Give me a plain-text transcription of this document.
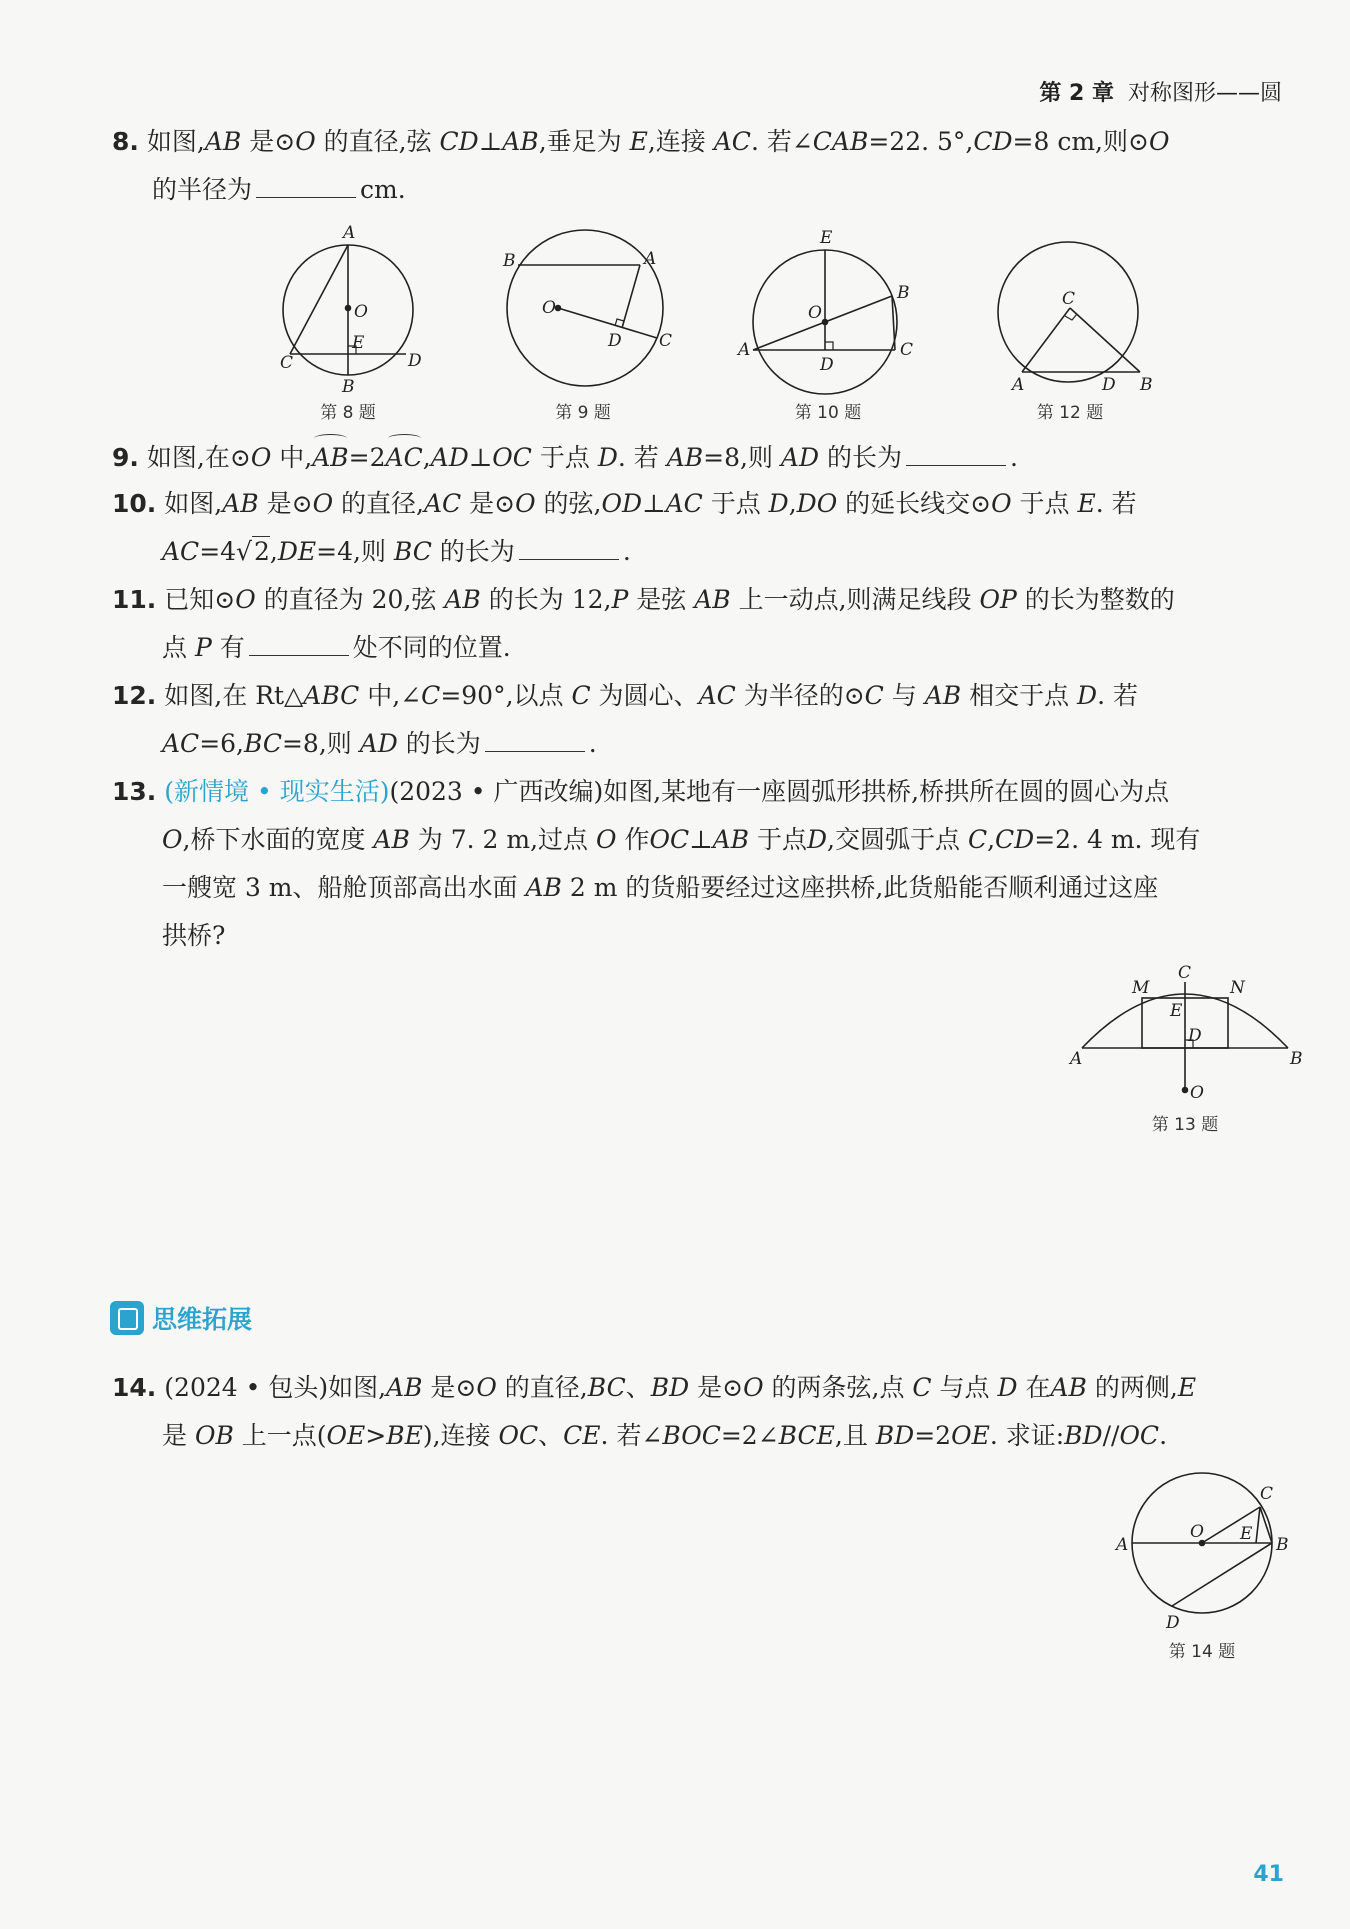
第 2 章 对称图形——圆
8. 如图,AB 是⊙O 的直径,弦 CD⊥AB,垂足为 E,连接 AC. 若∠CAB=22. 5°,CD=8 cm,则⊙O
的半径为	cm.
A
O
E
C	D
B
B	A
O
D C
E
O
B
A	C
D
C
A	D B
第 8 题	第 9 题	第 10 题	第 12 题
9. 如图,在⊙O 中,AB=2AC,AD⊥OC 于点 D. 若 AB=8,则 AD 的长为	.
10. 如图,AB 是⊙O 的直径,AC 是⊙O 的弦,OD⊥AC 于点 D,DO 的延长线交⊙O 于点 E. 若
AC=4√2,DE=4,则 BC 的长为	.
11. 已知⊙O 的直径为 20,弦 AB 的长为 12,P 是弦 AB 上一动点,则满足线段 OP 的长为整数的
点 P 有	处不同的位置.
12. 如图,在 Rt△ABC 中,∠C=90°,以点 C 为圆心、AC 为半径的⊙C 与 AB 相交于点 D. 若
AC=6,BC=8,则 AD 的长为	.
13. (新情境 • 现实生活)(2023 • 广西改编)如图,某地有一座圆弧形拱桥,桥拱所在圆的圆心为点
O,桥下水面的宽度 AB 为 7. 2 m,过点 O 作OC⊥AB 于点D,交圆弧于点 C,CD=2. 4 m. 现有
一艘宽 3 m、船舱顶部高出水面 AB 2 m 的货船要经过这座拱桥,此货船能否顺利通过这座
拱桥?
M
C
N
E
D
A	B
O
第 13 题
思维拓展
14. (2024 • 包头)如图,AB 是⊙O 的直径,BC、BD 是⊙O 的两条弦,点 C 与点 D 在AB 的两侧,E
是 OB 上一点(OE>BE),连接 OC、CE. 若∠BOC=2∠BCE,且 BD=2OE. 求证:BD//OC.
C
O E
B
A
D
第 14 题
41
